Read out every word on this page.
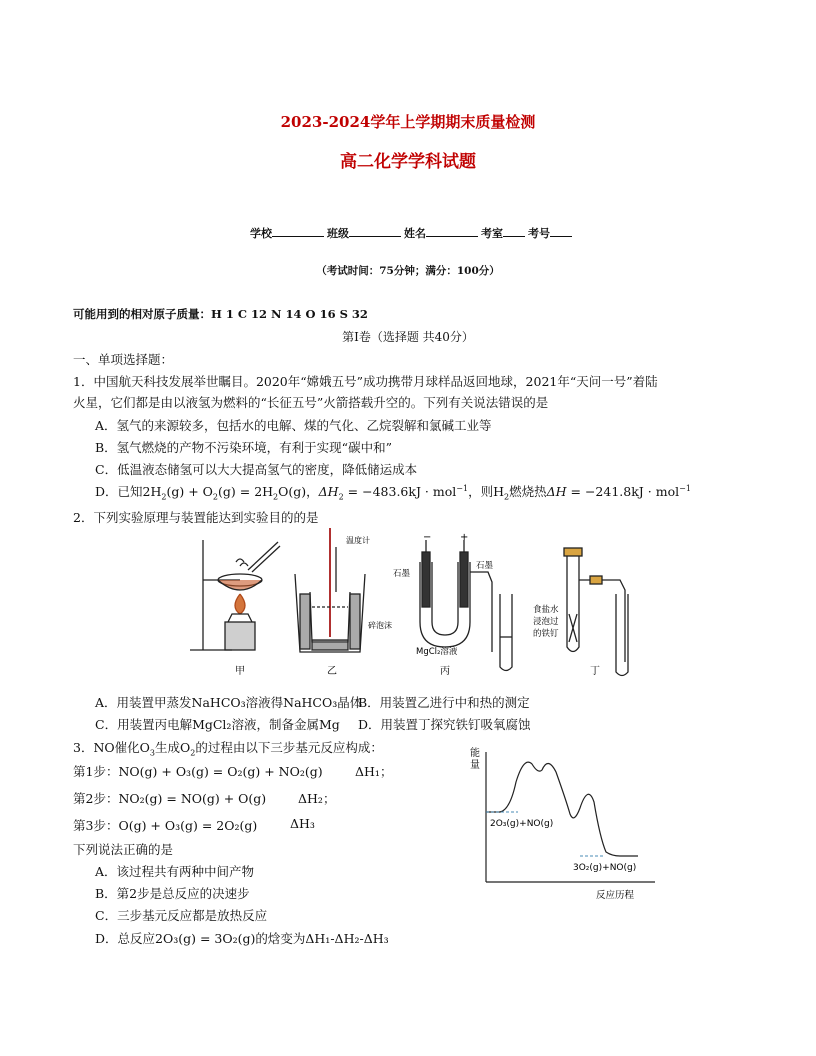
2023-2024学年上学期期末质量检测
高二化学学科试题
学校	班级	姓名	考室 考号
（考试时间：75分钟；满分：100分）
可能用到的相对原子质量：H 1 C 12 N 14 O 16 S 32
第Ⅰ卷（选择题 共40分）
一、单项选择题：
1．中国航天科技发展举世瞩目。2020年“嫦娥五号”成功携带月球样品返回地球，2021年“天问一号”着陆
火星，它们都是由以液氢为燃料的“长征五号”火箭搭载升空的。下列有关说法错误的是
A．氢气的来源较多，包括水的电解、煤的气化、乙烷裂解和氯碱工业等
B．氢气燃烧的产物不污染环境，有利于实现“碳中和”
C．低温液态储氢可以大大提高氢气的密度，降低储运成本
D．已知$2H_2(g) + O_2(g) = 2H_2O(g)$，$\Delta H_2 = -483.6kJ \cdot mol^{-1}$，则$H_2$燃烧热ΔH = −241.8kJ · mol$^{-1}$
2．下列实验原理与装置能达到实验目的的是
甲
温度计
碎泡沫
乙
−	+
石墨
石墨
MgCl₂溶液
丙
食盐水
浸泡过
的铁钉
丁
A．用装置甲蒸发NaHCO₃溶液得NaHCO₃晶体
B．用装置乙进行中和热的测定
C．用装置丙电解MgCl₂溶液，制备金属Mg D．用装置丁探究铁钉吸氧腐蚀
3．NO催化$O_3$生成$O_2$的过程由以下三步基元反应构成：
第1步：NO(g) + O₃(g) = O₂(g) + NO₂(g)	ΔH₁；
第2步：NO₂(g) = NO(g) + O(g)	ΔH₂；
第3步：O(g) + O₃(g) = 2O₂(g)	ΔH₃
下列说法正确的是
A．该过程共有两种中间产物
B．第2步是总反应的决速步
C．三步基元反应都是放热反应
D．总反应2O₃(g) = 3O₂(g)的焓变为ΔH₁-ΔH₂-ΔH₃
能
量
2O₃(g)+NO(g)
3O₂(g)+NO(g)
反应历程
